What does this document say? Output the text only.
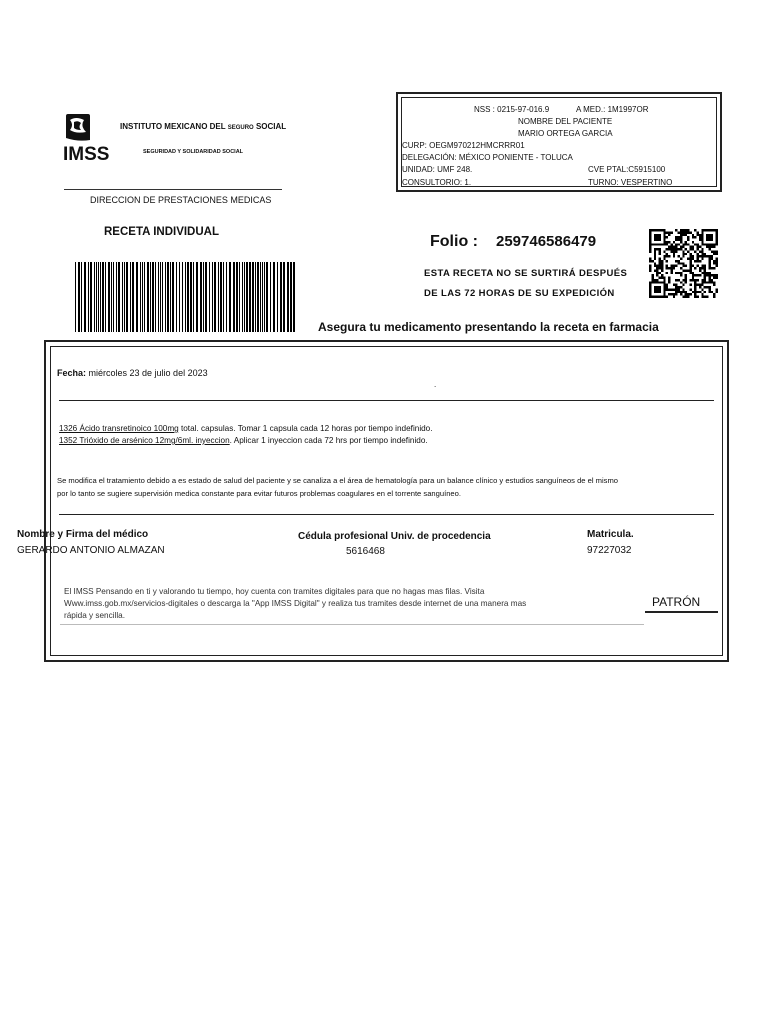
IMSS
INSTITUTO MEXICANO DEL SEGURO SOCIAL
SEGURIDAD Y SOLIDARIDAD SOCIAL
DIRECCION DE PRESTACIONES MEDICAS
RECETA INDIVIDUAL
NSS : 0215-97-016.9	A MED.: 1M1997OR
NOMBRE DEL PACIENTE
MARIO ORTEGA GARCIA
CURP: OEGM970212HMCRRR01
DELEGACIÓN: MÉXICO PONIENTE - TOLUCA
UNIDAD: UMF 248.	CVE PTAL:C5915100
CONSULTORIO: 1.	TURNO: VESPERTINO
Folio : 259746586479
ESTA RECETA NO SE SURTIRÁ DESPUÉS
DE LAS 72 HORAS DE SU EXPEDICIÓN
Asegura tu medicamento presentando la receta en farmacia
Fecha: miércoles 23 de julio del 2023
.
1326 Ácido transretinoico 100mg total. capsulas. Tomar 1 capsula cada 12 horas por tiempo indefinido.
1352 Trióxido de arsénico 12mg/6ml. inyeccion. Aplicar 1 inyeccion cada 72 hrs por tiempo indefinido.
Se modifica el tratamiento debido a es estado de salud del paciente y se canaliza a el área de hematología para un balance clínico y estudios sanguíneos de el mismo
por lo tanto se sugiere supervisión medica constante para evitar futuros problemas coagulares en el torrente sanguíneo.
Nombre y Firma del médico
GERARDO ANTONIO ALMAZAN
Cédula profesional Univ. de procedencia
5616468
Matricula.
97227032
El IMSS Pensando en ti y valorando tu tiempo, hoy cuenta con tramites digitales para que no hagas mas filas. Visita
Www.imss.gob.mx/servicios-digitales o descarga la "App IMSS Digital" y realiza tus tramites desde internet de una manera mas
rápida y sencilla.
PATRÓN
